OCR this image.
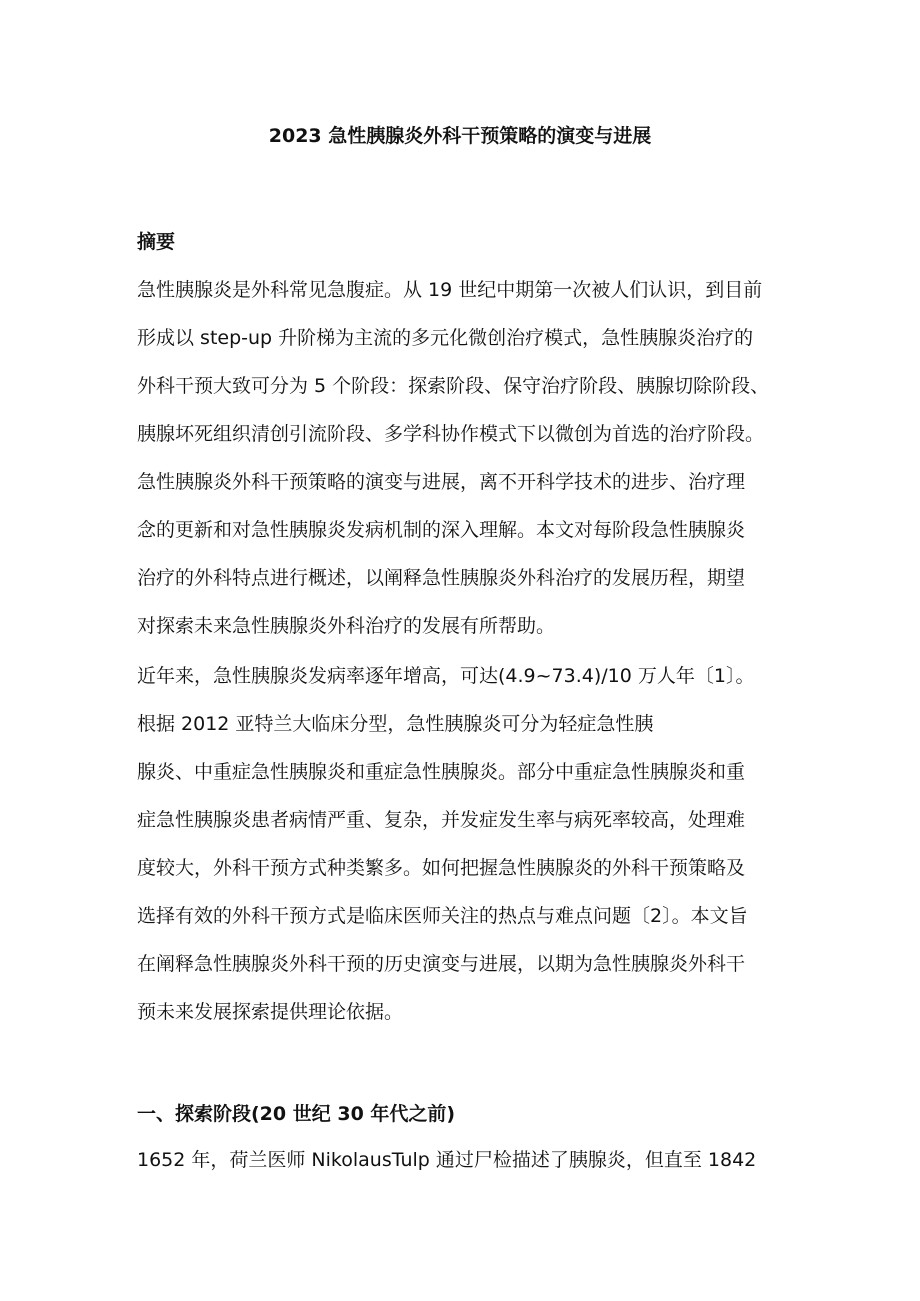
2023 急性胰腺炎外科干预策略的演变与进展
摘要
急性胰腺炎是外科常见急腹症。从 19 世纪中期第一次被人们认识，到目前
形成以 step-up 升阶梯为主流的多元化微创治疗模式，急性胰腺炎治疗的
外科干预大致可分为 5 个阶段：探索阶段、保守治疗阶段、胰腺切除阶段、
胰腺坏死组织清创引流阶段、多学科协作模式下以微创为首选的治疗阶段。
急性胰腺炎外科干预策略的演变与进展，离不开科学技术的进步、治疗理
念的更新和对急性胰腺炎发病机制的深入理解。本文对每阶段急性胰腺炎
治疗的外科特点进行概述，以阐释急性胰腺炎外科治疗的发展历程，期望
对探索未来急性胰腺炎外科治疗的发展有所帮助。
近年来，急性胰腺炎发病率逐年增高，可达(4.9~73.4)/10 万人年〔1〕。
根据 2012 亚特兰大临床分型，急性胰腺炎可分为轻症急性胰
腺炎、中重症急性胰腺炎和重症急性胰腺炎。部分中重症急性胰腺炎和重
症急性胰腺炎患者病情严重、复杂，并发症发生率与病死率较高，处理难
度较大，外科干预方式种类繁多。如何把握急性胰腺炎的外科干预策略及
选择有效的外科干预方式是临床医师关注的热点与难点问题〔2〕。本文旨
在阐释急性胰腺炎外科干预的历史演变与进展，以期为急性胰腺炎外科干
预未来发展探索提供理论依据。
一、探索阶段(20 世纪 30 年代之前)
1652 年，荷兰医师 NikolausTulp 通过尸检描述了胰腺炎，但直至 1842
